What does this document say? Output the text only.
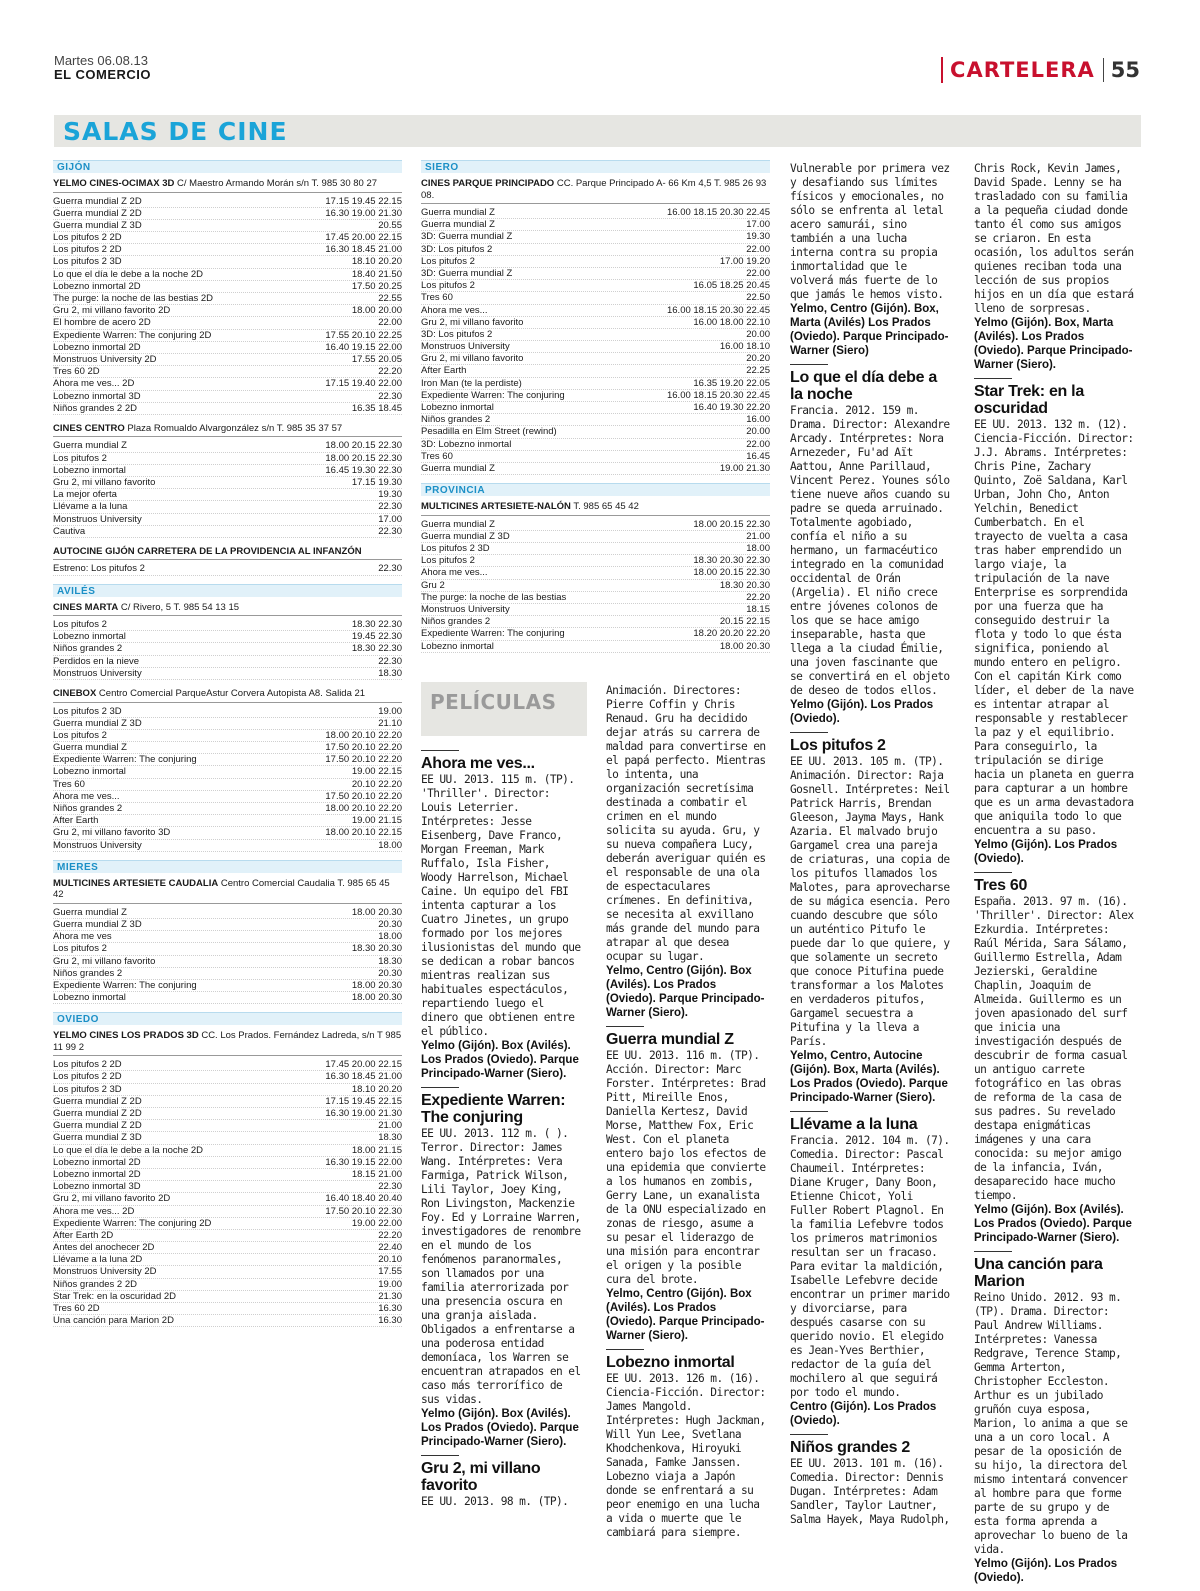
Martes 06.08.13
EL COMERCIO	CARTELERA 55
SALAS DE CINE
GIJÓN
YELMO CINES-OCIMAX 3D C/ Maestro Armando Morán s/n T. 985 30 80 27
Guerra mundial Z 2D	17.15 19.45 22.15
Guerra mundial Z 2D	16.30 19.00 21.30
Guerra mundial Z 3D	20.55
Los pitufos 2 2D	17.45 20.00 22.15
Los pitufos 2 2D	16.30 18.45 21.00
Los pitufos 2 3D	18.10 20.20
Lo que el día le debe a la noche 2D	18.40 21.50
Lobezno inmortal 2D	17.50 20.25
The purge: la noche de las bestias 2D	22.55
Gru 2, mi villano favorito 2D	18.00 20.00
El hombre de acero 2D	22.00
Expediente Warren: The conjuring 2D	17.55 20.10 22.25
Lobezno inmortal 2D	16.40 19.15 22.00
Monstruos University 2D	17.55 20.05
Tres 60 2D	22.20
Ahora me ves... 2D	17.15 19.40 22.00
Lobezno inmortal 3D	22.30
Niños grandes 2 2D	16.35 18.45
CINES CENTRO Plaza Romualdo Alvargonzález s/n T. 985 35 37 57
Guerra mundial Z	18.00 20.15 22.30
Los pitufos 2	18.00 20.15 22.30
Lobezno inmortal	16.45 19.30 22.30
Gru 2, mi villano favorito	17.15 19.30
La mejor oferta	19.30
Llévame a la luna	22.30
Monstruos University	17.00
Cautiva	22.30
AUTOCINE GIJÓN CARRETERA DE LA PROVIDENCIA AL INFANZÓN
Estreno: Los pitufos 2	22.30
AVILÉS
CINES MARTA C/ Rivero, 5 T. 985 54 13 15
Los pitufos 2	18.30 22.30
Lobezno inmortal	19.45 22.30
Niños grandes 2	18.30 22.30
Perdidos en la nieve	22.30
Monstruos University	18.30
CINEBOX Centro Comercial ParqueAstur Corvera Autopista A8. Salida 21
Los pitufos 2 3D	19.00
Guerra mundial Z 3D	21.10
Los pitufos 2	18.00 20.10 22.20
Guerra mundial Z	17.50 20.10 22.20
Expediente Warren: The conjuring	17.50 20.10 22.20
Lobezno inmortal	19.00 22.15
Tres 60	20.10 22.20
Ahora me ves...	17.50 20.10 22.20
Niños grandes 2	18.00 20.10 22.20
After Earth	19.00 21.15
Gru 2, mi villano favorito 3D	18.00 20.10 22.15
Monstruos University	18.00
MIERES
MULTICINES ARTESIETE CAUDALIA Centro Comercial Caudalia T. 985 65 45 42
Guerra mundial Z	18.00 20.30
Guerra mundial Z 3D	20.30
Ahora me ves	18.00
Los pitufos 2	18.30 20.30
Gru 2, mi villano favorito	18.30
Niños grandes 2	20.30
Expediente Warren: The conjuring	18.00 20.30
Lobezno inmortal	18.00 20.30
OVIEDO
YELMO CINES LOS PRADOS 3D CC. Los Prados. Fernández Ladreda, s/n T 985 11 99 2
Los pitufos 2 2D	17.45 20.00 22.15
Los pitufos 2 2D	16.30 18.45 21.00
Los pitufos 2 3D	18.10 20.20
Guerra mundial Z 2D	17.15 19.45 22.15
Guerra mundial Z 2D	16.30 19.00 21.30
Guerra mundial Z 2D	21.00
Guerra mundial Z 3D	18.30
Lo que el día le debe a la noche 2D	18.00 21.15
Lobezno inmortal 2D	16.30 19.15 22.00
Lobezno inmortal 2D	18.15 21.00
Lobezno inmortal 3D	22.30
Gru 2, mi villano favorito 2D	16.40 18.40 20.40
Ahora me ves... 2D	17.50 20.10 22.30
Expediente Warren: The conjuring 2D	19.00 22.00
After Earth 2D	22.20
Antes del anochecer 2D	22.40
Llévame a la luna 2D	20.10
Monstruos University 2D	17.55
Niños grandes 2 2D	19.00
Star Trek: en la oscuridad 2D	21.30
Tres 60 2D	16.30
Una canción para Marion 2D	16.30
SIERO
CINES PARQUE PRINCIPADO CC. Parque Principado A- 66 Km 4,5 T. 985 26 93 08.
Guerra mundial Z	16.00 18.15 20.30 22.45
Guerra mundial Z	17.00
3D: Guerra mundial Z	19.30
3D: Los pitufos 2	22.00
Los pitufos 2	17.00 19.20
3D: Guerra mundial Z	22.00
Los pitufos 2	16.05 18.25 20.45
Tres 60	22.50
Ahora me ves...	16.00 18.15 20.30 22.45
Gru 2, mi villano favorito	16.00 18.00 22.10
3D: Los pitufos 2	20.00
Monstruos University	16.00 18.10
Gru 2, mi villano favorito	20.20
After Earth	22.25
Iron Man (te la perdiste)	16.35 19.20 22.05
Expediente Warren: The conjuring	16.00 18.15 20.30 22.45
Lobezno inmortal	16.40 19.30 22.20
Niños grandes 2	16.00
Pesadilla en Elm Street (rewind)	20.00
3D: Lobezno inmortal	22.00
Tres 60	16.45
Guerra mundial Z	19.00 21.30
PROVINCIA
MULTICINES ARTESIETE-NALÓN T. 985 65 45 42
Guerra mundial Z	18.00 20.15 22.30
Guerra mundial Z 3D	21.00
Los pitufos 2 3D	18.00
Los pitufos 2	18.30 20.30 22.30
Ahora me ves...	18.00 20.15 22.30
Gru 2	18.30 20.30
The purge: la noche de las bestias	22.20
Monstruos University	18.15
Niños grandes 2	20.15 22.15
Expediente Warren: The conjuring	18.20 20.20 22.20
Lobezno inmortal	18.00 20.30
PELÍCULAS
Ahora me ves...

EE UU. 2013. 115 m. (TP). 'Thriller'. Director: Louis Leterrier. Intérpretes: Jesse Eisenberg, Dave Franco, Morgan Freeman, Mark Ruffalo, Isla Fisher, Woody Harrelson, Michael Caine. Un equipo del FBI intenta capturar a los Cuatro Jinetes, un grupo formado por los mejores ilusionistas del mundo que se dedican a robar bancos mientras realizan sus habituales espectáculos, repartiendo luego el dinero que obtienen entre el público.

Yelmo (Gijón). Box (Avilés). Los Prados (Oviedo). Parque Principado-Warner (Siero).

Expediente Warren: The conjuring

EE UU. 2013. 112 m. ( ). Terror. Director: James Wang. Intérpretes: Vera Farmiga, Patrick Wilson, Lili Taylor, Joey King, Ron Livingston, Mackenzie Foy. Ed y Lorraine Warren, investigadores de renombre en el mundo de los fenómenos paranormales, son llamados por una familia aterrorizada por una presencia oscura en una granja aislada. Obligados a enfrentarse a una poderosa entidad demoníaca, los Warren se encuentran atrapados en el caso más terrorífico de sus vidas.

Yelmo (Gijón). Box (Avilés). Los Prados (Oviedo). Parque Principado-Warner (Siero).

Gru 2, mi villano favorito

EE UU. 2013. 98 m. (TP).

Animación. Directores: Pierre Coffin y Chris Renaud. Gru ha decidido dejar atrás su carrera de maldad para convertirse en el papá perfecto. Mientras lo intenta, una organización secretísima destinada a combatir el crimen en el mundo solicita su ayuda. Gru, y su nueva compañera Lucy, deberán averiguar quién es el responsable de una ola de espectaculares crímenes. En definitiva, se necesita al exvillano más grande del mundo para atrapar al que desea ocupar su lugar.

Yelmo, Centro (Gijón). Box (Avilés). Los Prados (Oviedo). Parque Principado-Warner (Siero).

Guerra mundial Z

EE UU. 2013. 116 m. (TP). Acción. Director: Marc Forster. Intérpretes: Brad Pitt, Mireille Enos, Daniella Kertesz, David Morse, Matthew Fox, Eric West. Con el planeta entero bajo los efectos de una epidemia que convierte a los humanos en zombis, Gerry Lane, un exanalista de la ONU especializado en zonas de riesgo, asume a su pesar el liderazgo de una misión para encontrar el origen y la posible cura del brote.

Yelmo, Centro (Gijón). Box (Avilés). Los Prados (Oviedo). Parque Principado-Warner (Siero).

Lobezno inmortal

EE UU. 2013. 126 m. (16). Ciencia-Ficción. Director: James Mangold. Intérpretes: Hugh Jackman, Will Yun Lee, Svetlana Khodchenkova, Hiroyuki Sanada, Famke Janssen. Lobezno viaja a Japón donde se enfrentará a su peor enemigo en una lucha a vida o muerte que le cambiará para siempre.

Vulnerable por primera vez y desafiando sus límites físicos y emocionales, no sólo se enfrenta al letal acero samurái, sino también a una lucha interna contra su propia inmortalidad que le volverá más fuerte de lo que jamás le hemos visto.

Yelmo, Centro (Gijón). Box, Marta (Avilés) Los Prados (Oviedo). Parque Principado-Warner (Siero)

Lo que el día debe a la noche

Francia. 2012. 159 m. Drama. Director: Alexandre Arcady. Intérpretes: Nora Arnezeder, Fu'ad Aït Aattou, Anne Parillaud, Vincent Perez. Younes sólo tiene nueve años cuando su padre se queda arruinado. Totalmente agobiado, confía el niño a su hermano, un farmacéutico integrado en la comunidad occidental de Orán (Argelia). El niño crece entre jóvenes colonos de los que se hace amigo inseparable, hasta que llega a la ciudad Émilie, una joven fascinante que se convertirá en el objeto de deseo de todos ellos.

Yelmo (Gijón). Los Prados (Oviedo).

Los pitufos 2

EE UU. 2013. 105 m. (TP). Animación. Director: Raja Gosnell. Intérpretes: Neil Patrick Harris, Brendan Gleeson, Jayma Mays, Hank Azaria. El malvado brujo Gargamel crea una pareja de criaturas, una copia de los pitufos llamados los Malotes, para aprovecharse de su mágica esencia. Pero cuando descubre que sólo un auténtico Pitufo le puede dar lo que quiere, y que solamente un secreto que conoce Pitufina puede transformar a los Malotes en verdaderos pitufos, Gargamel secuestra a Pitufina y la lleva a París.

Yelmo, Centro, Autocine (Gijón). Box, Marta (Avilés). Los Prados (Oviedo). Parque Principado-Warner (Siero).

Llévame a la luna

Francia. 2012. 104 m. (7). Comedia. Director: Pascal Chaumeil. Intérpretes: Diane Kruger, Dany Boon, Etienne Chicot, Yoli Fuller Robert Plagnol. En la familia Lefebvre todos los primeros matrimonios resultan ser un fracaso. Para evitar la maldición, Isabelle Lefebvre decide encontrar un primer marido y divorciarse, para después casarse con su querido novio. El elegido es Jean-Yves Berthier, redactor de la guía del mochilero al que seguirá por todo el mundo.

Centro (Gijón). Los Prados (Oviedo).

Niños grandes 2

EE UU. 2013. 101 m. (16). Comedia. Director: Dennis Dugan. Intérpretes: Adam Sandler, Taylor Lautner, Salma Hayek, Maya Rudolph,

Chris Rock, Kevin James, David Spade. Lenny se ha trasladado con su familia a la pequeña ciudad donde tanto él como sus amigos se criaron. En esta ocasión, los adultos serán quienes reciban toda una lección de sus propios hijos en un día que estará lleno de sorpresas.

Yelmo (Gijón). Box, Marta (Avilés). Los Prados (Oviedo). Parque Principado-Warner (Siero).

Star Trek: en la oscuridad

EE UU. 2013. 132 m. (12). Ciencia-Ficción. Director: J.J. Abrams. Intérpretes: Chris Pine, Zachary Quinto, Zoë Saldana, Karl Urban, John Cho, Anton Yelchin, Benedict Cumberbatch. En el trayecto de vuelta a casa tras haber emprendido un largo viaje, la tripulación de la nave Enterprise es sorprendida por una fuerza que ha conseguido destruir la flota y todo lo que ésta significa, poniendo al mundo entero en peligro. Con el capitán Kirk como líder, el deber de la nave es intentar atrapar al responsable y restablecer la paz y el equilibrio. Para conseguirlo, la tripulación se dirige hacia un planeta en guerra para capturar a un hombre que es un arma devastadora que aniquila todo lo que encuentra a su paso.

Yelmo (Gijón). Los Prados (Oviedo).

Tres 60

España. 2013. 97 m. (16). 'Thriller'. Director: Alex Ezkurdia. Intérpretes: Raúl Mérida, Sara Sálamo, Guillermo Estrella, Adam Jezierski, Geraldine Chaplin, Joaquim de Almeida. Guillermo es un joven apasionado del surf que inicia una investigación después de descubrir de forma casual un antiguo carrete fotográfico en las obras de reforma de la casa de sus padres. Su revelado destapa enigmáticas imágenes y una cara conocida: su mejor amigo de la infancia, Iván, desaparecido hace mucho tiempo.

Yelmo (Gijón). Box (Avilés). Los Prados (Oviedo). Parque Principado-Warner (Siero).

Una canción para Marion

Reino Unido. 2012. 93 m. (TP). Drama. Director: Paul Andrew Williams. Intérpretes: Vanessa Redgrave, Terence Stamp, Gemma Arterton, Christopher Eccleston. Arthur es un jubilado gruñón cuya esposa, Marion, lo anima a que se una a un coro local. A pesar de la oposición de su hijo, la directora del mismo intentará convencer al hombre para que forme parte de su grupo y de esta forma aprenda a aprovechar lo bueno de la vida.

Yelmo (Gijón). Los Prados (Oviedo).
